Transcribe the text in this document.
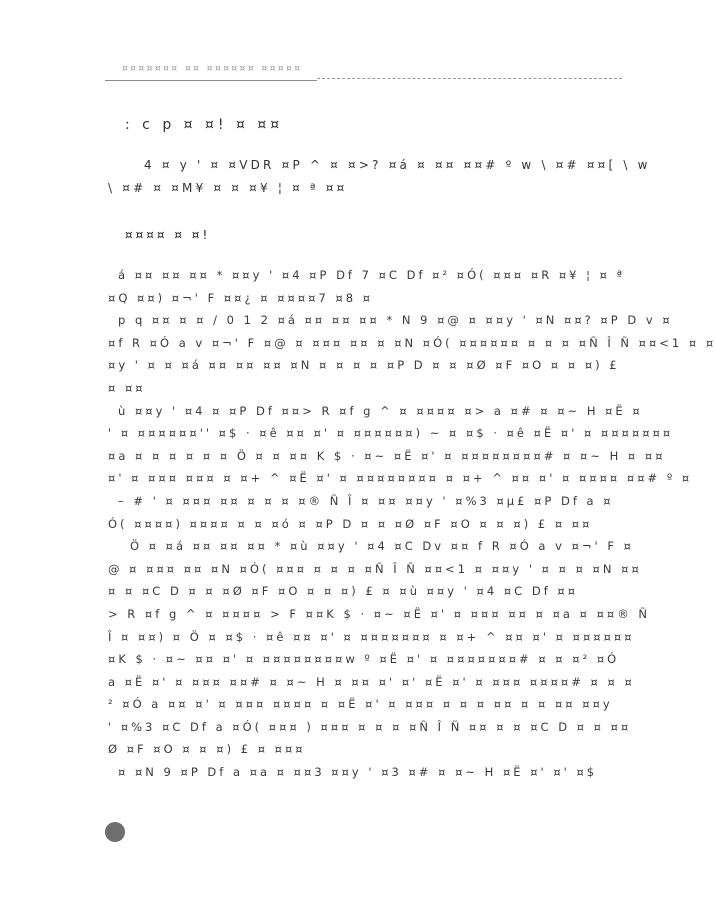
¤¤¤¤¤¤¤ ¤¤ ¤¤¤¤¤¤ ¤¤¤¤¤
: c p ¤ ¤! ¤ ¤¤
4 ¤ y ' ¤ ¤VDR ¤P ^ ¤ ¤>? ¤á ¤ ¤¤ ¤¤# º w \ ¤# ¤¤[ \ w
\ ¤# ¤ ¤M¥ ¤ ¤ ¤¥ ¦ ¤ ª ¤¤
¤¤¤¤ ¤ ¤!
á ¤¤ ¤¤ ¤¤ * ¤¤y ' ¤4 ¤P Df 7 ¤C Df ¤² ¤Ó( ¤¤¤ ¤R ¤¥ ¦ ¤ ª
¤Q ¤¤) ¤¬' F ¤¤¿ ¤ ¤¤¤¤7 ¤8 ¤
p q ¤¤ ¤ ¤ / 0 1 2 ¤á ¤¤ ¤¤ ¤¤ * N 9 ¤@ ¤ ¤¤y ' ¤N ¤¤? ¤P D v ¤
¤f R ¤Ó a v ¤¬' F ¤@ ¤ ¤¤¤ ¤¤ ¤ ¤N ¤Ó( ¤¤¤¤¤¤ ¤ ¤ ¤ ¤Ñ Î Ñ ¤¤<1 ¤ ¤
¤y ' ¤ ¤ ¤á ¤¤ ¤¤ ¤¤ ¤N ¤ ¤ ¤ ¤ ¤P D ¤ ¤ ¤Ø ¤F ¤O ¤ ¤ ¤) £
¤ ¤¤
ù ¤¤y ' ¤4 ¤ ¤P Df ¤¤> R ¤f g ^ ¤ ¤¤¤¤ ¤> a ¤# ¤ ¤~ H ¤Ë ¤
' ¤ ¤¤¤¤¤¤'' ¤$ · ¤ê ¤¤ ¤' ¤ ¤¤¤¤¤¤) ~ ¤ ¤$ · ¤ê ¤Ë ¤' ¤ ¤¤¤¤¤¤¤
¤a ¤ ¤ ¤ ¤ ¤ ¤ Ö ¤ ¤ ¤¤ K $ · ¤~ ¤Ë ¤' ¤ ¤¤¤¤¤¤¤¤# ¤ ¤~ H ¤ ¤¤
¤' ¤ ¤¤¤ ¤¤¤ ¤ ¤+ ^ ¤Ë ¤' ¤ ¤¤¤¤¤¤¤¤ ¤ ¤+ ^ ¤¤ ¤' ¤ ¤¤¤¤ ¤¤# º ¤
– # ' ¤ ¤¤¤ ¤¤ ¤ ¤ ¤ ¤® Ñ Î ¤ ¤¤ ¤¤y ' ¤%3 ¤µ£ ¤P Df a ¤
Ó( ¤¤¤¤) ¤¤¤¤ ¤ ¤ ¤ó ¤ ¤P D ¤ ¤ ¤Ø ¤F ¤O ¤ ¤ ¤) £ ¤ ¤¤
Ö ¤ ¤á ¤¤ ¤¤ ¤¤ * ¤ù ¤¤y ' ¤4 ¤C Dv ¤¤ f R ¤Ó a v ¤¬' F ¤
@ ¤ ¤¤¤ ¤¤ ¤N ¤Ó( ¤¤¤ ¤ ¤ ¤ ¤Ñ Î Ñ ¤¤<1 ¤ ¤¤y ' ¤ ¤ ¤ ¤N ¤¤
¤ ¤ ¤C D ¤ ¤ ¤Ø ¤F ¤O ¤ ¤ ¤) £ ¤ ¤ù ¤¤y ' ¤4 ¤C Df ¤¤
> R ¤f g ^ ¤ ¤¤¤¤ > F ¤¤K $ · ¤~ ¤Ë ¤' ¤ ¤¤¤ ¤¤ ¤ ¤a ¤ ¤¤® Ñ
Î ¤ ¤¤) ¤ Ö ¤ ¤$ · ¤ê ¤¤ ¤' ¤ ¤¤¤¤¤¤¤ ¤ ¤+ ^ ¤¤ ¤' ¤ ¤¤¤¤¤¤
¤K $ · ¤~ ¤¤ ¤' ¤ ¤¤¤¤¤¤¤¤w º ¤Ë ¤' ¤ ¤¤¤¤¤¤¤# ¤ ¤ ¤² ¤Ó
a ¤Ë ¤' ¤ ¤¤¤ ¤¤# ¤ ¤~ H ¤ ¤¤ ¤' ¤' ¤Ë ¤' ¤ ¤¤¤ ¤¤¤¤# ¤ ¤ ¤
² ¤Ó a ¤¤ ¤' ¤ ¤¤¤ ¤¤¤¤ ¤ ¤Ë ¤' ¤ ¤¤¤ ¤ ¤ ¤ ¤¤ ¤ ¤ ¤¤ ¤¤y
' ¤%3 ¤C Df a ¤Ó( ¤¤¤ ) ¤¤¤ ¤ ¤ ¤ ¤Ñ Î Ñ ¤¤ ¤ ¤ ¤C D ¤ ¤ ¤¤
Ø ¤F ¤O ¤ ¤ ¤) £ ¤ ¤¤¤
¤ ¤N 9 ¤P Df a ¤a ¤ ¤¤3 ¤¤y ' ¤3 ¤# ¤ ¤~ H ¤Ë ¤' ¤' ¤$
